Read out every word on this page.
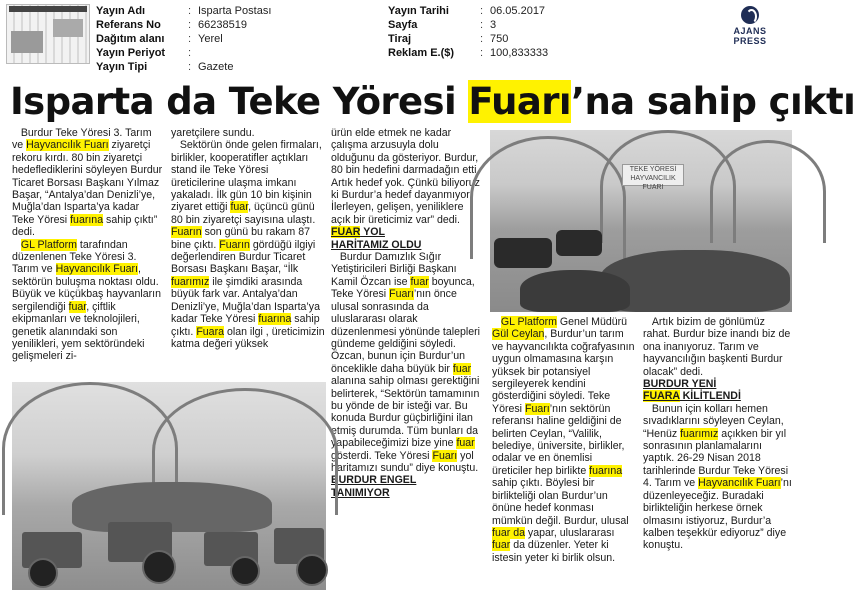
Yayın Adı	: Isparta Postası
Referans No	: 66238519
Dağıtım alanı	: Yerel
Yayın Periyot	:
Yayın Tipi	: Gazete
Yayın Tarihi	: 06.05.2017
Sayfa	: 3
Tiraj	: 750
Reklam E.($)	: 100,833333
AJANS PRESS
Isparta da Teke Yöresi Fuarı’na sahip çıktı

Burdur Teke Yöresi 3. Tarım ve Hayvancılık Fuarı ziyaretçi rekoru kırdı. 80 bin ziyaretçi hedeflediklerini söyleyen Burdur Ticaret Borsası Başkanı Yılmaz Başar, “Antalya’dan Denizli’ye, Muğla’dan Isparta’ya kadar Teke Yöresi fuarına sahip çıktı” dedi.

GL Platform tarafından düzenlenen Teke Yöresi 3. Tarım ve Hayvancılık Fuarı, sektörün buluşma noktası oldu. Büyük ve küçükbaş hayvanların sergilendiği fuar, çiftlik ekipmanları ve teknolojileri, genetik alanındaki son yenilikleri, yem sektöründeki gelişmeleri zi-

yaretçilere sundu.

Sektörün önde gelen firmaları, birlikler, kooperatifler açtıkları stand ile Teke Yöresi üreticilerine ulaşma imkanı yakaladı. İlk gün 10 bin kişinin ziyaret ettiği fuar, üçüncü günü 80 bin ziyaretçi sayısına ulaştı. Fuarın son günü bu rakam 87 bine çıktı. Fuarın gördüğü ilgiyi değerlendiren Burdur Ticaret Borsası Başkanı Başar, “İlk fuarımız ile şimdiki arasında büyük fark var. Antalya’dan Denizli’ye, Muğla’dan Isparta’ya kadar Teke Yöresi fuarına sahip çıktı. Fuara olan ilgi , üreticimizin katma değeri yüksek

ürün elde etmek ne kadar çalışma arzusuyla dolu olduğunu da gösteriyor. Burdur, 80 bin hedefini darmadağın etti. Artık hedef yok. Çünkü biliyoruz ki Burdur’a hedef dayanmıyor. İlerleyen, gelişen, yeniliklere açık bir üreticimiz var” dedi.

FUAR YOL
HARİTAMIZ OLDU

Burdur Damızlık Sığır Yetiştiricileri Birliği Başkanı Kamil Özcan ise fuar boyunca, Teke Yöresi Fuarı’nın önce ulusal sonrasında da uluslararası olarak düzenlenmesi yönünde talepleri gündeme geldiğini söyledi. Özcan, bunun için Burdur’un önceklikle daha büyük bir fuar alanına sahip olması gerektiğini belirterek, “Sektörün tamamının bu yönde de bir isteği var. Bu konuda Burdur güçbirliğini ilan etmiş durumda. Tüm bunları da yapabileceğimizi bize yine fuar gösterdi. Teke Yöresi Fuarı yol haritamızı sundu” diye konuştu.

BURDUR ENGEL
TANIMIYOR
TEKE YÖRESİ HAYVANCILIK FUARI

GL Platform Genel Müdürü Gül Ceylan, Burdur’un tarım ve hayvancılıkta coğrafyasının uygun olmamasına karşın yüksek bir potansiyel sergileyerek kendini gösterdiğini söyledi. Teke Yöresi Fuarı’nın sektörün referansı haline geldiğini de belirten Ceylan, “Valilik, belediye, üniversite, birlikler, odalar ve en önemlisi üreticiler hep birlikte fuarına sahip çıktı. Böylesi bir birlikteliği olan Burdur’un önüne hedef konması mümkün değil. Burdur, ulusal fuar da yapar, uluslararası fuar da düzenler. Yeter ki istesin yeter ki birlik olsun.

Artık bizim de gönlümüz rahat. Burdur bize inandı biz de ona inanıyoruz. Tarım ve hayvancılığın başkenti Burdur olacak” dedi.

BURDUR YENİ
FUARA KİLİTLENDİ

Bunun için kolları hemen sıvadıklarını söyleyen Ceylan, “Henüz fuarımız açıkken bir yıl sonrasının planlamalarını yaptık. 26-29 Nisan 2018 tarihlerinde Burdur Teke Yöresi 4. Tarım ve Hayvancılık Fuarı’nı düzenleyeceğiz. Buradaki birlikteliğin herkese örnek olmasını istiyoruz, Burdur’a kalben teşekkür ediyoruz” diye konuştu.
